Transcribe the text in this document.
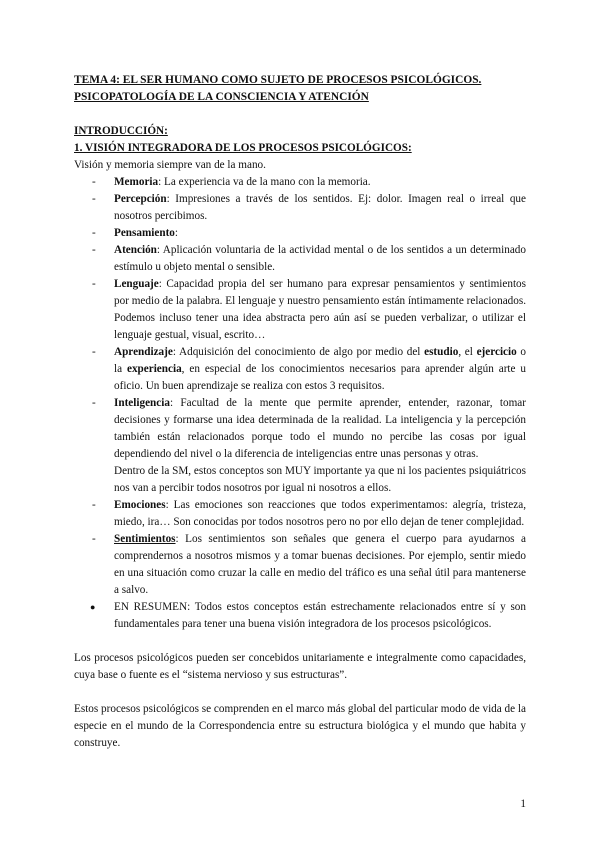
TEMA 4: EL SER HUMANO COMO SUJETO DE PROCESOS PSICOLÓGICOS.
PSICOPATOLOGÍA DE LA CONSCIENCIA Y ATENCIÓN
INTRODUCCIÓN:
1. VISIÓN INTEGRADORA DE LOS PROCESOS PSICOLÓGICOS:
Visión y memoria siempre van de la mano.
- Memoria: La experiencia va de la mano con la memoria.
- Percepción: Impresiones a través de los sentidos. Ej: dolor. Imagen real o irreal que nosotros percibimos.
- Pensamiento:
- Atención: Aplicación voluntaria de la actividad mental o de los sentidos a un determinado estímulo u objeto mental o sensible.
- Lenguaje: Capacidad propia del ser humano para expresar pensamientos y sentimientos por medio de la palabra. El lenguaje y nuestro pensamiento están íntimamente relacionados. Podemos incluso tener una idea abstracta pero aún así se pueden verbalizar, o utilizar el lenguaje gestual, visual, escrito…
- Aprendizaje: Adquisición del conocimiento de algo por medio del estudio, el ejercicio o la experiencia, en especial de los conocimientos necesarios para aprender algún arte u oficio. Un buen aprendizaje se realiza con estos 3 requisitos.
- Inteligencia: Facultad de la mente que permite aprender, entender, razonar, tomar decisiones y formarse una idea determinada de la realidad. La inteligencia y la percepción también están relacionados porque todo el mundo no percibe las cosas por igual dependiendo del nivel o la diferencia de inteligencias entre unas personas y otras.
Dentro de la SM, estos conceptos son MUY importante ya que ni los pacientes psiquiátricos nos van a percibir todos nosotros por igual ni nosotros a ellos.
- Emociones: Las emociones son reacciones que todos experimentamos: alegría, tristeza, miedo, ira… Son conocidas por todos nosotros pero no por ello dejan de tener complejidad.
- Sentimientos: Los sentimientos son señales que genera el cuerpo para ayudarnos a comprendernos a nosotros mismos y a tomar buenas decisiones. Por ejemplo, sentir miedo en una situación como cruzar la calle en medio del tráfico es una señal útil para mantenerse a salvo.
● EN RESUMEN: Todos estos conceptos están estrechamente relacionados entre sí y son fundamentales para tener una buena visión integradora de los procesos psicológicos.
Los procesos psicológicos pueden ser concebidos unitariamente e integralmente como capacidades, cuya base o fuente es el “sistema nervioso y sus estructuras”.
Estos procesos psicológicos se comprenden en el marco más global del particular modo de vida de la especie en el mundo de la Correspondencia entre su estructura biológica y el mundo que habita y construye.
1
